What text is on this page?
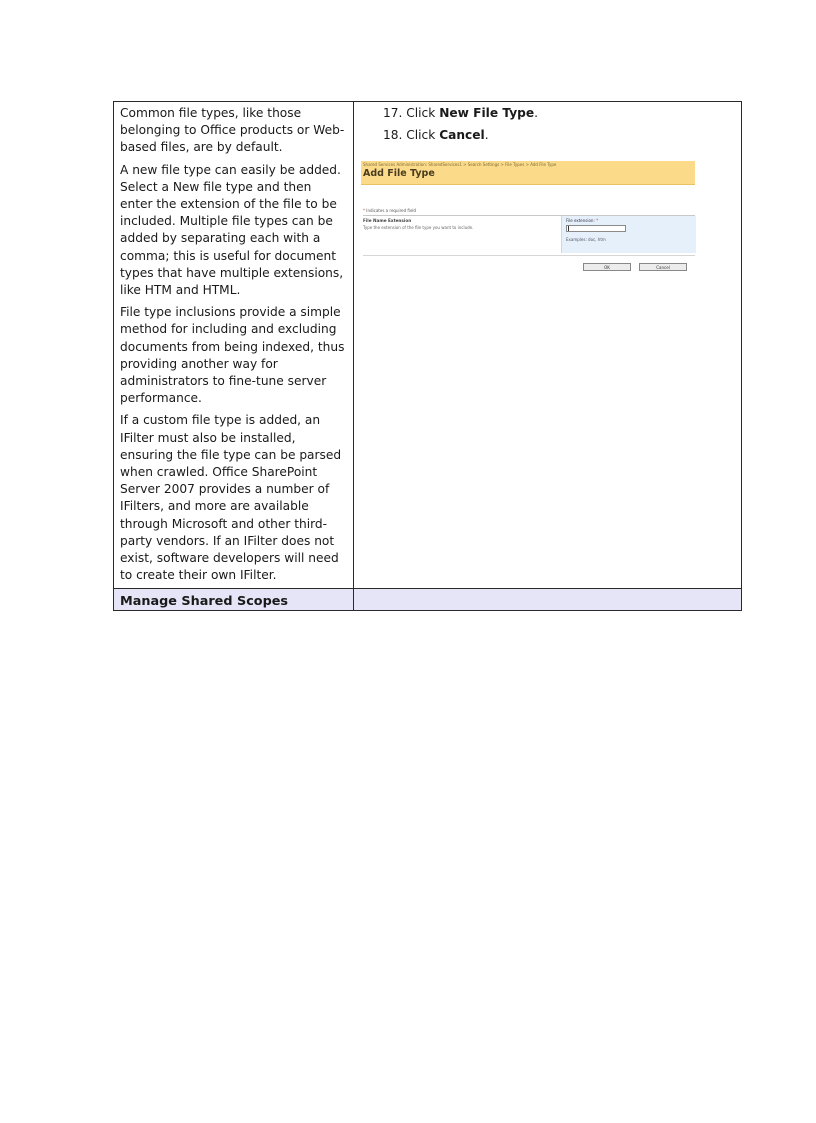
Common file types, like those belonging to Office products or Web-based files, are by default.

A new file type can easily be added. Select a New file type and then enter the extension of the file to be included. Multiple file types can be added by separating each with a comma; this is useful for document types that have multiple extensions, like HTM and HTML.

File type inclusions provide a simple method for including and excluding documents from being indexed, thus providing another way for administrators to fine-tune server performance.

If a custom file type is added, an IFilter must also be installed, ensuring the file type can be parsed when crawled. Office SharePoint Server 2007 provides a number of IFilters, and more are available through Microsoft and other third-party vendors. If an IFilter does not exist, software developers will need to create their own IFilter.

17. Click New File Type.
18. Click Cancel.
Shared Services Administration: SharedServices1 > Search Settings > File Types > Add File Type
Add File Type
* Indicates a required field
File Name Extension
Type the extension of the file type you want to include.
File extension: *
Examples: doc, htm
OK	Cancel
Manage Shared Scopes
